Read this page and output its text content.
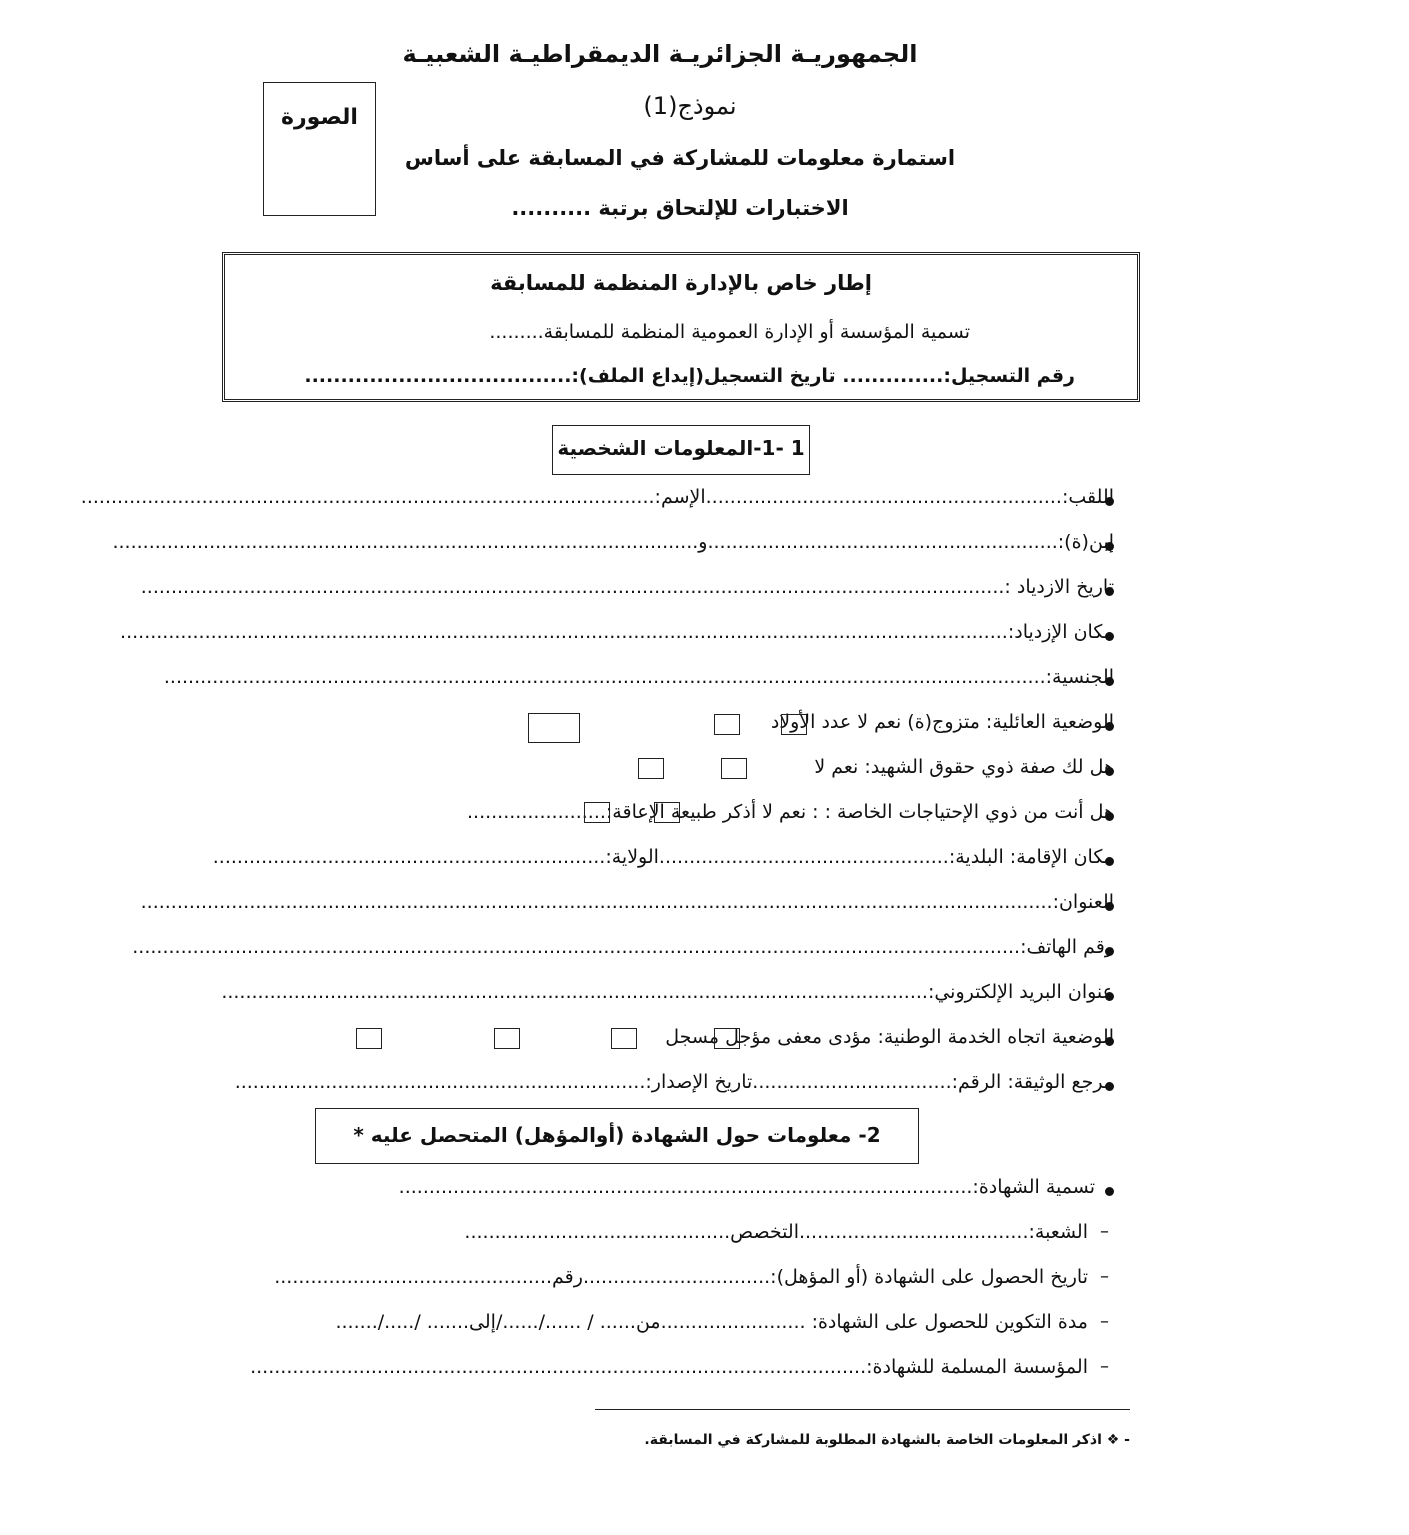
الجمهوريـة الجزائريـة الديمقراطيـة الشعبيـة
نموذج(1)
استمارة معلومات للمشاركة في المسابقة على أساس
الاختبارات للإلتحاق برتبة ..........
الصورة
إطار خاص بالإدارة المنظمة للمسابقة
تسمية المؤسسة أو الإدارة العمومية المنظمة للمسابقة.........
رقم التسجيل:.............. تاريخ التسجيل(إيداع الملف):.....................................
1 -1-المعلومات الشخصية
اللقب:...........................................................الإسم:...............................................................................................
إبن(ة):..........................................................و.................................................................................................
تاريخ الازدياد :...............................................................................................................................................
مكان الإزدياد:...................................................................................................................................................
الجنسية:..................................................................................................................................................
الوضعية العائلية: متزوج(ة) نعم لا عدد الأولاد
هل لك صفة ذوي حقوق الشهيد: نعم لا
هل أنت من ذوي الإحتياجات الخاصة : : نعم لا أذكر طبيعة الإعاقة:.......................
مكان الإقامة: البلدية:................................................الولاية:.................................................................
العنوان:.......................................................................................................................................................
رقم الهاتف:...................................................................................................................................................
عنوان البريد الإلكتروني:.....................................................................................................................
الوضعية اتجاه الخدمة الوطنية: مؤدى معفى مؤجل مسجل
مرجع الوثيقة: الرقم:.................................تاريخ الإصدار:....................................................................
2- معلومات حول الشهادة (أوالمؤهل) المتحصل عليه *
تسمية الشهادة:...............................................................................................
–
الشعبة:......................................التخصص............................................
–
تاريخ الحصول على الشهادة (أو المؤهل):...............................رقم..............................................
–
مدة التكوين للحصول على الشهادة: ........................من...... / ....../....../إلى....... /...../.......
–
المؤسسة المسلمة للشهادة:......................................................................................................
- ❖ اذكر المعلومات الخاصة بالشهادة المطلوبة للمشاركة في المسابقة.
